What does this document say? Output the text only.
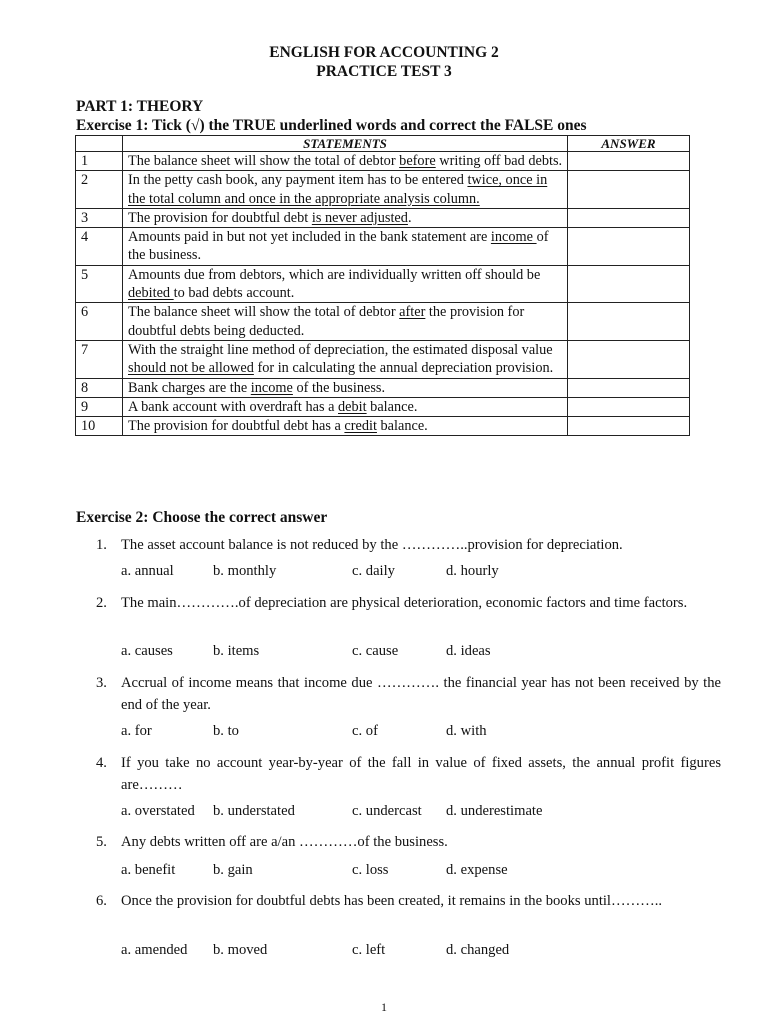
ENGLISH FOR ACCOUNTING 2
PRACTICE TEST 3
PART 1: THEORY
Exercise 1: Tick (√) the TRUE underlined words and correct the FALSE ones
	STATEMENTS	ANSWER
1	The balance sheet will show the total of debtor before writing off bad debts.	
2	In the petty cash book, any payment item has to be entered twice, once in the total column and once in the appropriate analysis column.	
3	The provision for doubtful debt is never adjusted.	
4	Amounts paid in but not yet included in the bank statement are income of the business.	
5	Amounts due from debtors, which are individually written off should be debited to bad debts account.	
6	The balance sheet will show the total of debtor after the provision for doubtful debts being deducted.	
7	With the straight line method of depreciation, the estimated disposal value should not be allowed for in calculating the annual depreciation provision.	
8	Bank charges are the income of the business.	
9	A bank account with overdraft has a debit balance.	
10	The provision for doubtful debt has a credit balance.	
Exercise 2: Choose the correct answer
1. The asset account balance is not reduced by the …………..provision for depreciation.
a. annual	b. monthly	c. daily	d. hourly
2. The main………….of depreciation are physical deterioration, economic factors and time factors.
a. causes	b. items	c. cause	d. ideas
3. Accrual of income means that income due …………. the financial year has not been received by the end of the year.
a. for	b. to	c. of	d. with
4. If you take no account year-by-year of the fall in value of fixed assets, the annual profit figures are………
a. overstated b. understated	c. undercast d. underestimate
5. Any debts written off are a/an …………of the business.
a. benefit	b. gain	c. loss	d. expense
6. Once the provision for doubtful debts has been created, it remains in the books until………..
a. amended b. moved	c. left	d. changed
1
